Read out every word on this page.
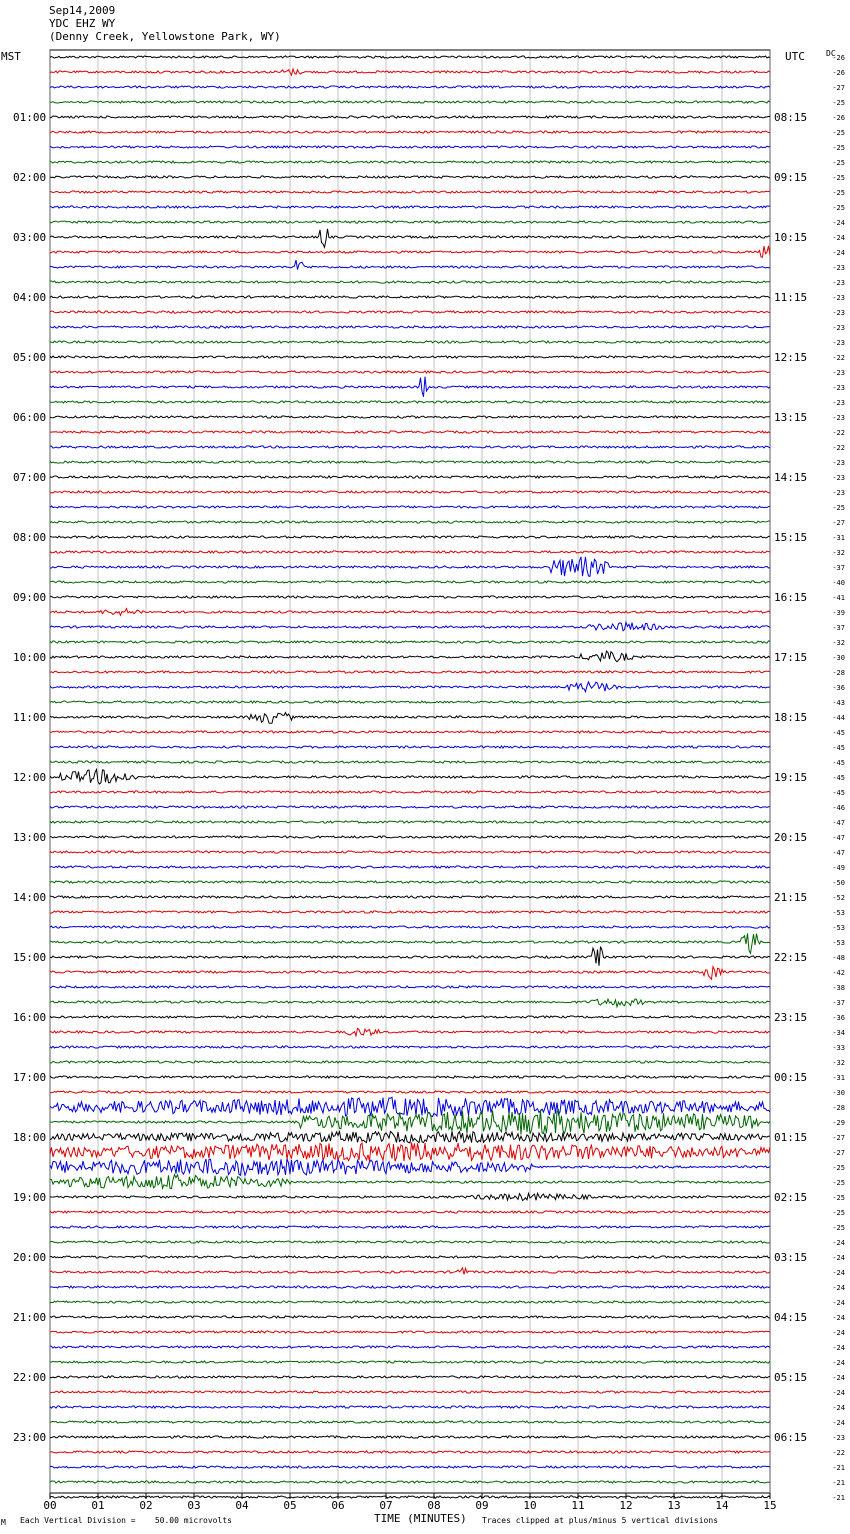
Sep14,2009
YDC EHZ WY
(Denny Creek, Yellowstone Park, WY)
MST	UTC	DC
00	01	02	03	04	05	06	07	08	09	10	11	12	13	14	15
-26
-26
-27
-25
-26
-25
-25
-25
-25
-25
-25
-24
-24
-24
-23
-23
-23
-23
-23
-23
-22
-23
-23
-23
-23
-22
-22
-23
-23
-23
-25
-27
-31
-32
-37
-40
-41
-39
-37
-32
-30
-28
-36
-43
-44
-45
-45
-45
-45
-45
-46
-47
-47
-47
-49
-50
-52
-53
-53
-53
-48
-42
-38
-37
-36
-34
-33
-32
-31
-30
-28
-29
-27
-27
-25
-25
-25
-25
-25
-24
-24
-24
-24
-24
-24
-24
-24
-24
-24
-24
-24
-24
-23
-22
-21
-21
-21
01:00	08:15
02:00	09:15
03:00	10:15
04:00	11:15
05:00	12:15
06:00	13:15
07:00	14:15
08:00	15:15
09:00	16:15
10:00	17:15
11:00	18:15
12:00	19:15
13:00	20:15
14:00	21:15
15:00	22:15
16:00	23:15
17:00	00:15
18:00	01:15
19:00	02:15
20:00	03:15
21:00	04:15
22:00	05:15
23:00	06:15
M Each Vertical Division =    50.00 microvolts	TIME (MINUTES) Traces clipped at plus/minus 5 vertical divisions
